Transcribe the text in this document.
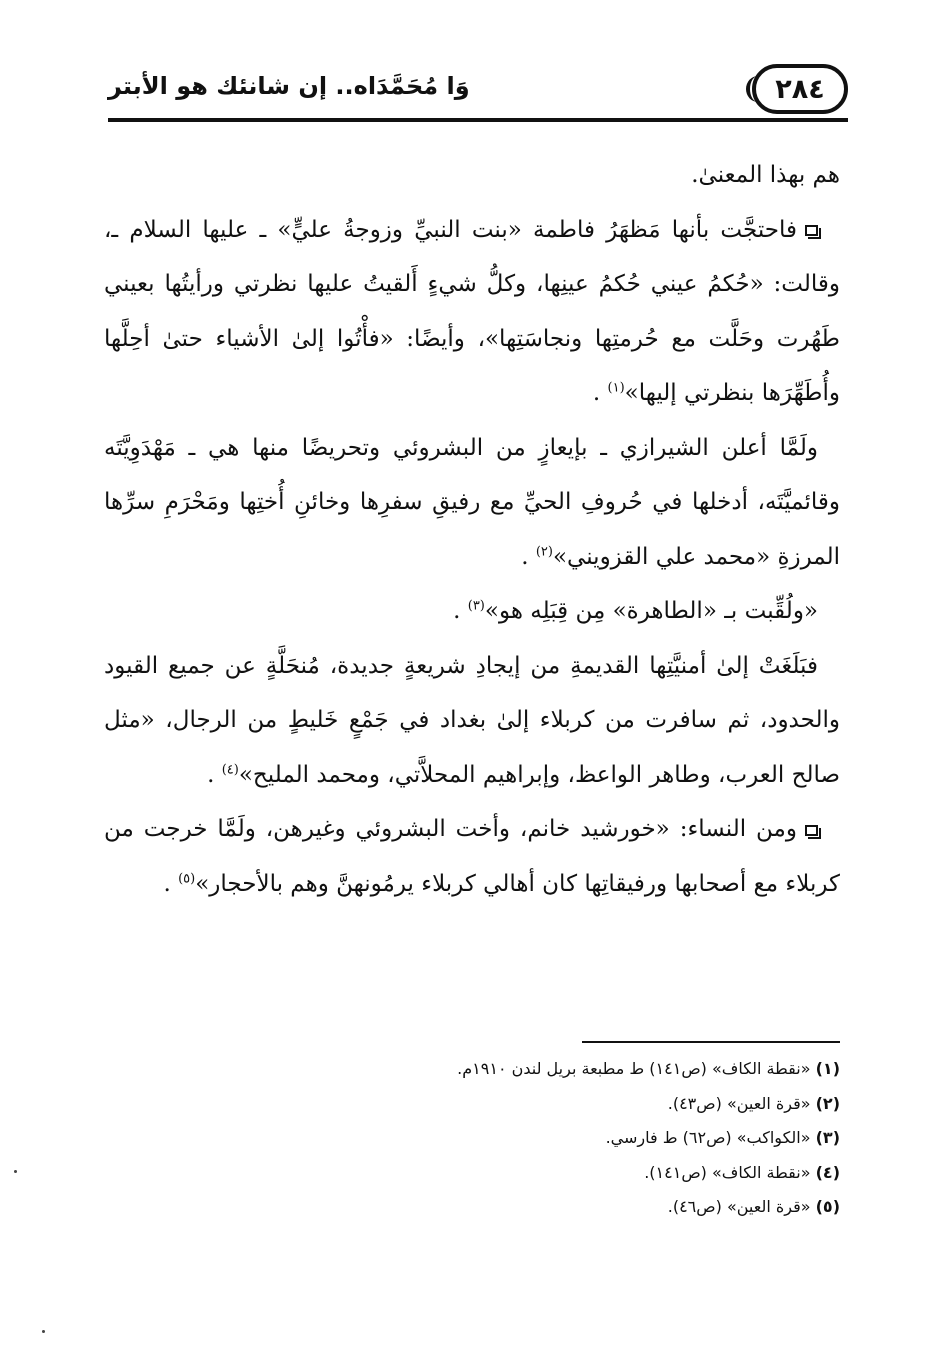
٢٨٤
وَا مُحَمَّدَاه.. إن شانئك هو الأبتر

هم بهذا المعنىٰ.

فاحتجَّت بأنها مَظهَرُ فاطمة «بنت النبيِّ وزوجةُ عليٍّ» ـ عليها السلام ـ، وقالت: «حُكمُ عيني حُكمُ عينِها، وكلُّ شيءٍ أَلقيتُ عليها نظرتي ورأيتُها بعيني طَهُرت وحَلَّت مع حُرمتِها ونجاسَتِها»، وأيضًا: «فأْتُوا إلىٰ الأشياء حتىٰ أحِلَّها وأُطَهِّرَها بنظرتي إليها»$^{(١)}$ .

ولَمَّا أعلن الشيرازي ـ بإيعازٍ من البشروئي وتحريضًا منها هي ـ مَهْدَوِيَّتَه وقائميَّتَه، أدخلها في حُروفِ الحيِّ مع رفيقِ سفرِها وخائنِ أُختِها ومَحْرَمِ سرِّها المرزةِ «محمد علي القزويني»$^{(٢)}$ .

«ولُقِّبت بـ «الطاهرة» مِن قِبَلِه هو»$^{(٣)}$ .

فبَلَغَتْ إلىٰ أمنيَّتِها القديمةِ من إيجادِ شريعةٍ جديدة، مُنحَلَّةٍ عن جميع القيود والحدود، ثم سافرت من كربلاء إلىٰ بغداد في جَمْعٍ خَليطٍ من الرجال، «مثل صالح العرب، وطاهر الواعظ، وإبراهيم المحلاَّتي، ومحمد المليح»$^{(٤)}$ .

ومن النساء: «خورشيد خانم، وأخت البشروئي وغيرهن، ولَمَّا خرجت من كربلاء مع أصحابها ورفيقاتِها كان أهالي كربلاء يرمُونهنَّ وهم بالأحجار»$^{(٥)}$ .

(١) «نقطة الكاف» (ص١٤١) ط مطبعة بريل لندن ١٩١٠م.

(٢) «قرة العين» (ص٤٣).

(٣) «الكواكب» (ص٦٢) ط فارسي.

(٤) «نقطة الكاف» (ص١٤١).

(٥) «قرة العين» (ص٤٦).
